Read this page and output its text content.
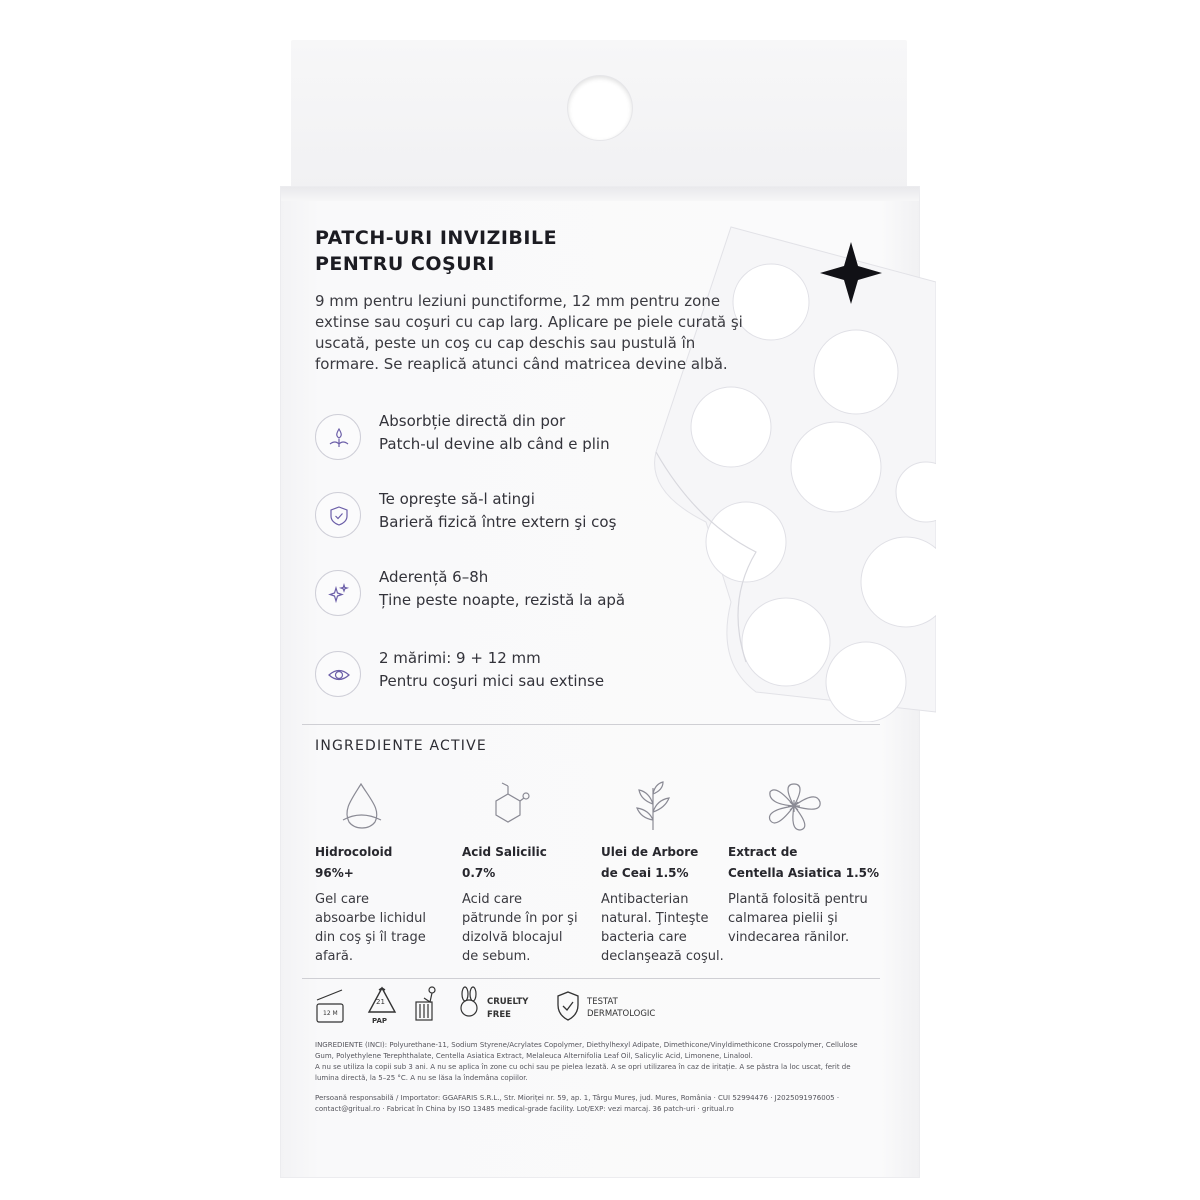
PATCH-URI INVIZIBILE
PENTRU COŞURI
9 mm pentru leziuni punctiforme, 12 mm pentru zone
extinse sau coşuri cu cap larg. Aplicare pe piele curată şi
uscată, peste un coş cu cap deschis sau pustulă în
formare. Se reaplică atunci când matricea devine albă.
Absorbție directă din por
Patch-ul devine alb când e plin
Te opreşte să-l atingi
Barieră fizică între extern şi coş
Aderență 6–8h
Ține peste noapte, rezistă la apă
2 mărimi: 9 + 12 mm
Pentru coşuri mici sau extinse
INGREDIENTE ACTIVE
Hidrocoloid
96%+
Gel care
absoarbe lichidul
din coş şi îl trage
afară.
Acid Salicilic
0.7%
Acid care
pătrunde în por şi
dizolvă blocajul
de sebum.
Ulei de Arbore
de Ceai 1.5%
Antibacterian
natural. Ţinteşte
bacteria care
declanşează coşul.
Extract de
Centella Asiatica 1.5%
Plantă folosită pentru
calmarea pielii şi
vindecarea rănilor.
12 M
21
PAP
CRUELTY
FREE
TESTAT
DERMATOLOGIC
INGREDIENTE (INCI): Polyurethane-11, Sodium Styrene/Acrylates Copolymer, Diethylhexyl Adipate, Dimethicone/Vinyldimethicone Crosspolymer, Cellulose
Gum, Polyethylene Terephthalate, Centella Asiatica Extract, Melaleuca Alternifolia Leaf Oil, Salicylic Acid, Limonene, Linalool.
A nu se utiliza la copii sub 3 ani. A nu se aplica în zone cu ochi sau pe pielea lezată. A se opri utilizarea în caz de iritație. A se păstra la loc uscat, ferit de
lumina directă, la 5–25 °C. A nu se lăsa la îndemâna copiilor.
Persoană responsabilă / Importator: GGAFARIS S.R.L., Str. Mioriței nr. 59, ap. 1, Târgu Mureș, jud. Mures, România · CUI 52994476 · J2025091976005 ·
contact@gritual.ro · Fabricat în China by ISO 13485 medical-grade facility. Lot/EXP: vezi marcaj. 36 patch-uri · gritual.ro
